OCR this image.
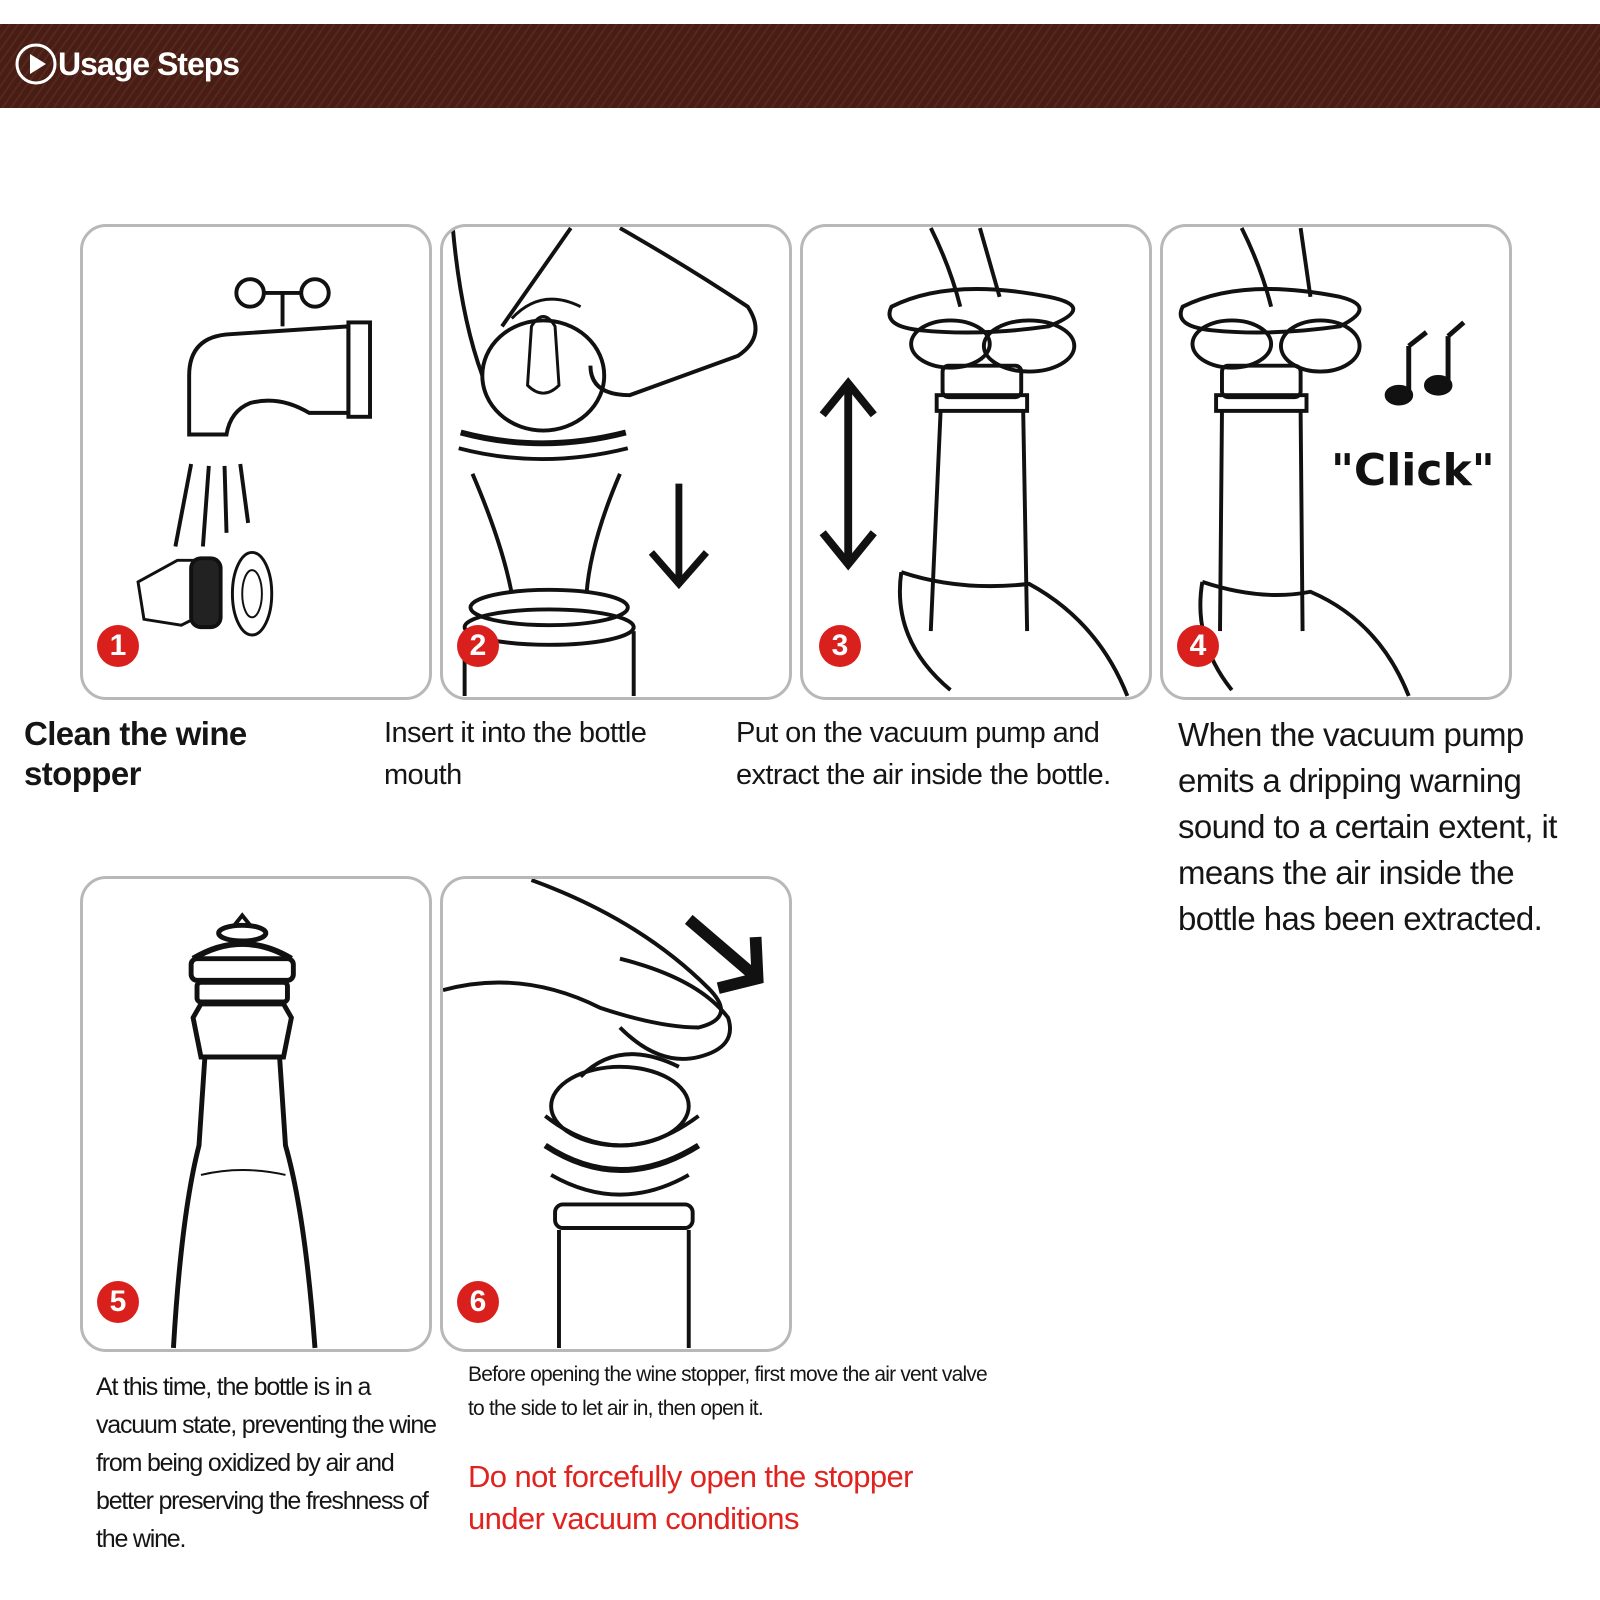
Usage Steps
1	2	3
"Click"
4
Clean the wine stopper
Insert it into the bottle mouth
Put on the vacuum pump and extract the air inside the bottle.
When the vacuum pump emits a dripping warning sound to a certain extent, it means the air inside the bottle has been extracted.
5	6
At this time, the bottle is in a vacuum state, preventing the wine from being oxidized by air and better preserving the freshness of the wine.
Before opening the wine stopper, first move the air vent valve to the side to let air in, then open it.
Do not forcefully open the stopper under vacuum conditions
